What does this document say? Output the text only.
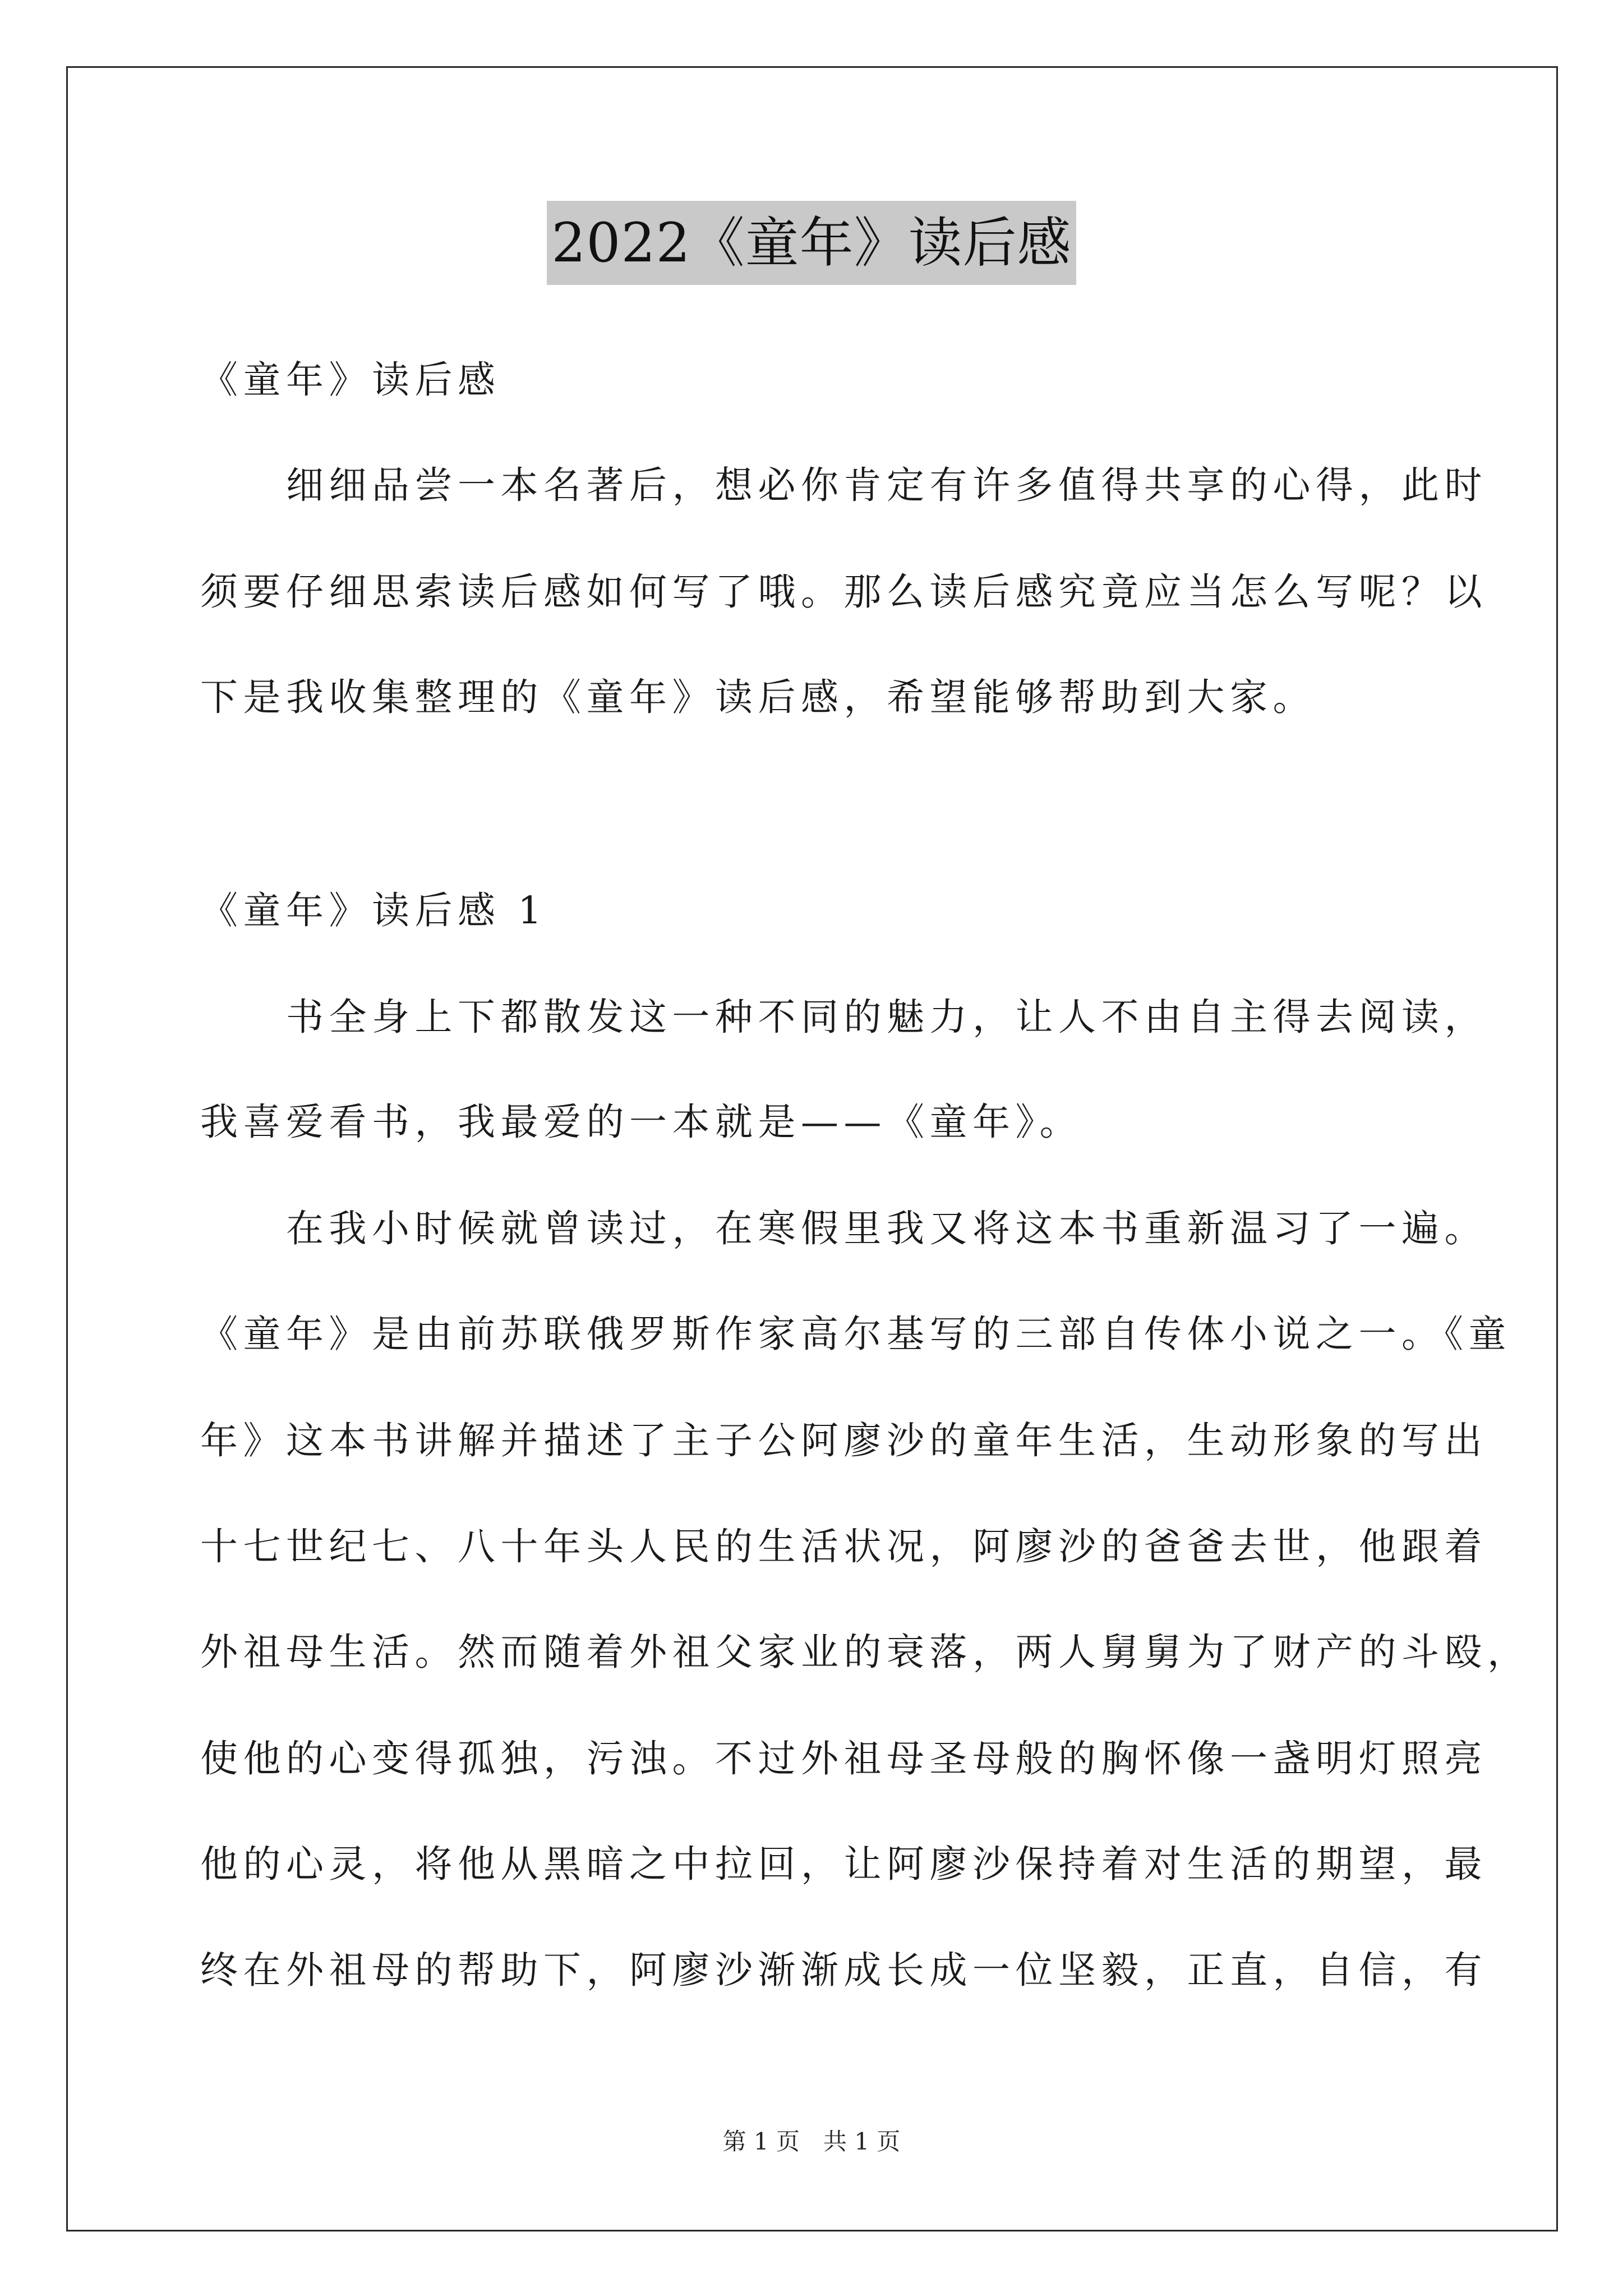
2022《童年》读后感
《童年》读后感
　　细细品尝一本名著后，想必你肯定有许多值得共享的心得，此时
须要仔细思索读后感如何写了哦。那么读后感究竟应当怎么写呢？以
下是我收集整理的《童年》读后感，希望能够帮助到大家。
《童年》读后感 1
　　书全身上下都散发这一种不同的魅力，让人不由自主得去阅读，
我喜爱看书，我最爱的一本就是——《童年》。
　　在我小时候就曾读过，在寒假里我又将这本书重新温习了一遍。
《童年》是由前苏联俄罗斯作家高尔基写的三部自传体小说之一。《童
年》这本书讲解并描述了主子公阿廖沙的童年生活，生动形象的写出
十七世纪七、八十年头人民的生活状况，阿廖沙的爸爸去世，他跟着
外祖母生活。然而随着外祖父家业的衰落，两人舅舅为了财产的斗殴，
使他的心变得孤独，污浊。不过外祖母圣母般的胸怀像一盏明灯照亮
他的心灵，将他从黑暗之中拉回，让阿廖沙保持着对生活的期望，最
终在外祖母的帮助下，阿廖沙渐渐成长成一位坚毅，正直，自信，有
第 1 页　共 1 页
